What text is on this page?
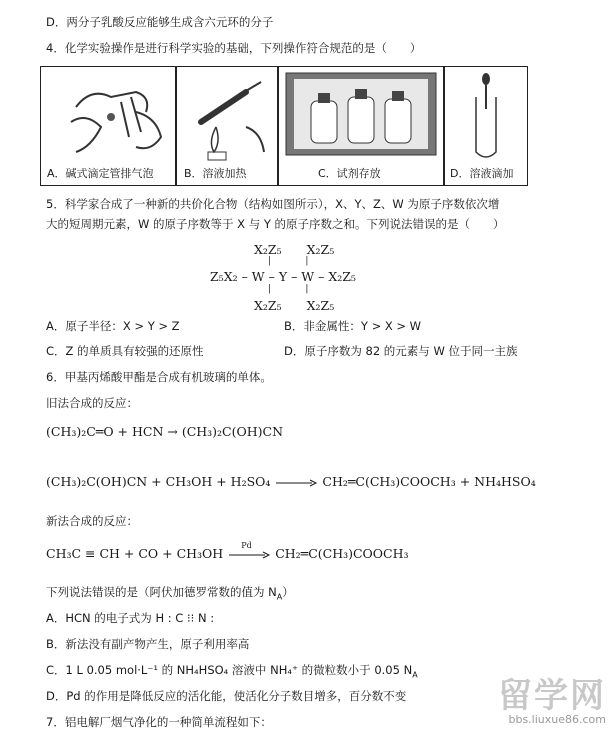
D．两分子乳酸反应能够生成含六元环的分子
4．化学实验操作是进行科学实验的基础，下列操作符合规范的是（　　）
A．碱式滴定管排气泡	B．溶液加热	C．试剂存放	D．溶液滴加
5．科学家合成了一种新的共价化合物（结构如图所示），X、Y、Z、W 为原子序数依次增
大的短周期元素，W 的原子序数等于 X 与 Y 的原子序数之和。下列说法错误的是（　　）
X₂Z₅　　X₂Z₅
|            |
Z₅X₂ – W – Y – W – X₂Z₅
|            |
X₂Z₅　　X₂Z₅
A．原子半径：X > Y > Z	B．非金属性：Y > X > W
C．Z 的单质具有较强的还原性	D．原子序数为 82 的元素与 W 位于同一主族
6．甲基丙烯酸甲酯是合成有机玻璃的单体。
旧法合成的反应：
(CH₃)₂C═O + HCN → (CH₃)₂C(OH)CN
(CH₃)₂C(OH)CN + CH₃OH + H₂SO₄	CH₂═C(CH₃)COOCH₃ + NH₄HSO₄
新法合成的反应：
CH₃C ≡ CH + CO + CH₃OH
Pd
CH₂═C(CH₃)COOCH₃
下列说法错误的是（阿伏加德罗常数的值为 $N_A$）
A．HCN 的电子式为 H : C ⁝⁝ N :
B．新法没有副产物产生，原子利用率高
C．1 L 0.05 mol·L⁻¹ 的 NH₄HSO₄ 溶液中 NH₄⁺ 的微粒数小于 0.05 $N_A$
D．Pd 的作用是降低反应的活化能，使活化分子数目增多，百分数不变
7．铝电解厂烟气净化的一种简单流程如下：
留学网
bbs.liuxue86.com
